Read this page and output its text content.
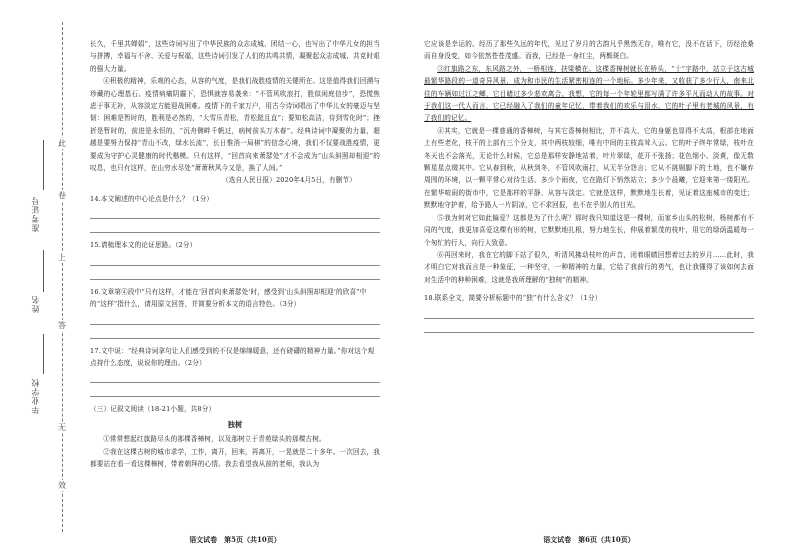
此
卷
上
答
无
效
准考证号
姓名
毕业学校

长久，千里共婵娟”，这些诗词写出了中华民族的众志成城、团结一心，也写出了中华儿女的担当与拼搏，幸福与不舍、关爱与祝福，这些诗词引发了人们的共鸣共情，凝聚起众志成城、共克时艰的强大力量。

④积极的精神，乐观的心态，从容的气度，是我们战胜疫情的关键所在。这是值得我们回溯与珍藏的心理基石。疫情病痛阴霾下，恐惧就容易袭来：“不管风吹浪打，胜似闲庭信步”，恐慌焦虑于事无补，从容淡定方能迎战困难。疫情下的千家万户，用古今诗词唱出了中华儿女的豪迈与坚韧：困难是暂时的，胜利是必然的，“大雪压青松，青松挺且直”；要知松高洁，待到雪化时”；挫折是暂时的，前进是永恒的，“沉舟侧畔千帆过，病树前头万木春”。经典诗词中凝聚的力量，超越是要努力保持“青山不改，绿水长流”，长日惟消一局棋”的信念心境，我们不仅要战胜疫情，更要成为守护心灵健康的时代楷模。只有这样，“回首向来萧瑟处”才不会成为“山头斜照却相迎”的叹息，也只有这样，在山穷水尽处“萧萧秋风今又是，换了人间。”

（选自人民日报）2020年4月5日，有删节）
14.本文阐述的中心论点是什么？（1分）
15.请梳理本文的论证思路。（2分）
16.文章第④段中“只有这样，才能在‘回首向来萧瑟处’时，感受到‘山头斜照却相迎’的欣喜”中的“这样”指什么，请用原文回答，并简要分析本文的语言特色。（3分）
17.文中说：“经典诗词拿句让人们感受到的不仅是绵绵暖意，还有磅礴的精神力量。”你对这个观点持什么态度，说说你的理由。（2分）
（三）记叙文阅读（18-21小题，共8分）
独树

①常常想起红旗路尽头的那棵香樟树，以及那树立于青苑绿头的那棵古树。

②我在这棵古树的城市求学，工作，离开，回来，再离开，一晃就是二十多年。一次回去，我都要站在看一看这棵樟树，带着朝拜的心情。我去看望我从前的老师，我认为

语文试卷　第5页（共10页）

它应该是幸运的。经历了那些久远的年代，见过了岁月的古韵凡乎黑然无存，唯有它，没不在话下，历经沧桑而自身没变，如今依然苍苍茂盛。而我，已经是一身红尘，两鬓斑白。

③红旗路之东，东风路之外，一桥相连，扶梁横在。这棵香樟树就长在桥头，“十”字路中，站立于这古城最繁华路段的一道奇异风景，成为和市民的生活紧密相连的一个地标。多少年来，又收获了多少行人，南来北往的车辆如过江之鲫，它目睹过多少悲欢离合。我想，它的每一个年轮里都写满了许多平凡而动人的故事。对于我们这一代人而言，它已经融入了我们的童年记忆，带着我们的欢乐与泪水，它的叶子里有老城的风景，有了我们的记忆。

④其实，它就是一棵普通的香樟树，与其它香樟树相比，并不高大，它的身躯也显得不太高，根部在地面上有些老化，枝干的上部有三个分支，其中两枝较细，唯有中间的主枝高耸入云。它的叶子终年常绿，枝叶在冬天也不会落光，无论什么时候，它总是那样安静地站着，叶片翠绿，花开不张扬；花色细小、淡黄，像无数颗星星点缀其中。它从春到秋，从秋到冬，不管风吹雨打，从无半分怨言；它从不挑剔脚下的土地，也不嫌弃周围的环境，以一颗平常心对待生活。多少个雨夜，它在路灯下悄然站立；多少个晨曦，它迎来第一缕阳光。在繁华喧闹的街市中，它是那样的平静、从容与淡定。它就是这样，默默地生长着，见证着这座城市的变迁；默默地守护着，给予路人一片阴凉，它不求回报，也不在乎别人的目光。

⑤我为何对它如此偏爱？这都是为了什么呢？那时我只知道这是一棵树，而家乡山头的松树，杨树都有不同的气度，我更加喜爱这棵有形的树，它默默地扎根，努力地生长，伸展着繁茂的枝叶，用它的绿荫温暖每一个匆忙的行人，向行人致意。

⑥再回来时，我在它的脚下站了很久，听清风拂动枝叶的声音，闭着眼睛回想着过去的岁月……此时，我才明白它对我而言是一种象征，一种坚守，一种精神的力量，它给了我前行的勇气，也让我懂得了该如何去面对生活中的种种困难，这就是我所理解的“独树”的精神。

18.联系全文，简要分析标题中的“独”有什么含义？（1分）
语文试卷　第6页（共10页）
